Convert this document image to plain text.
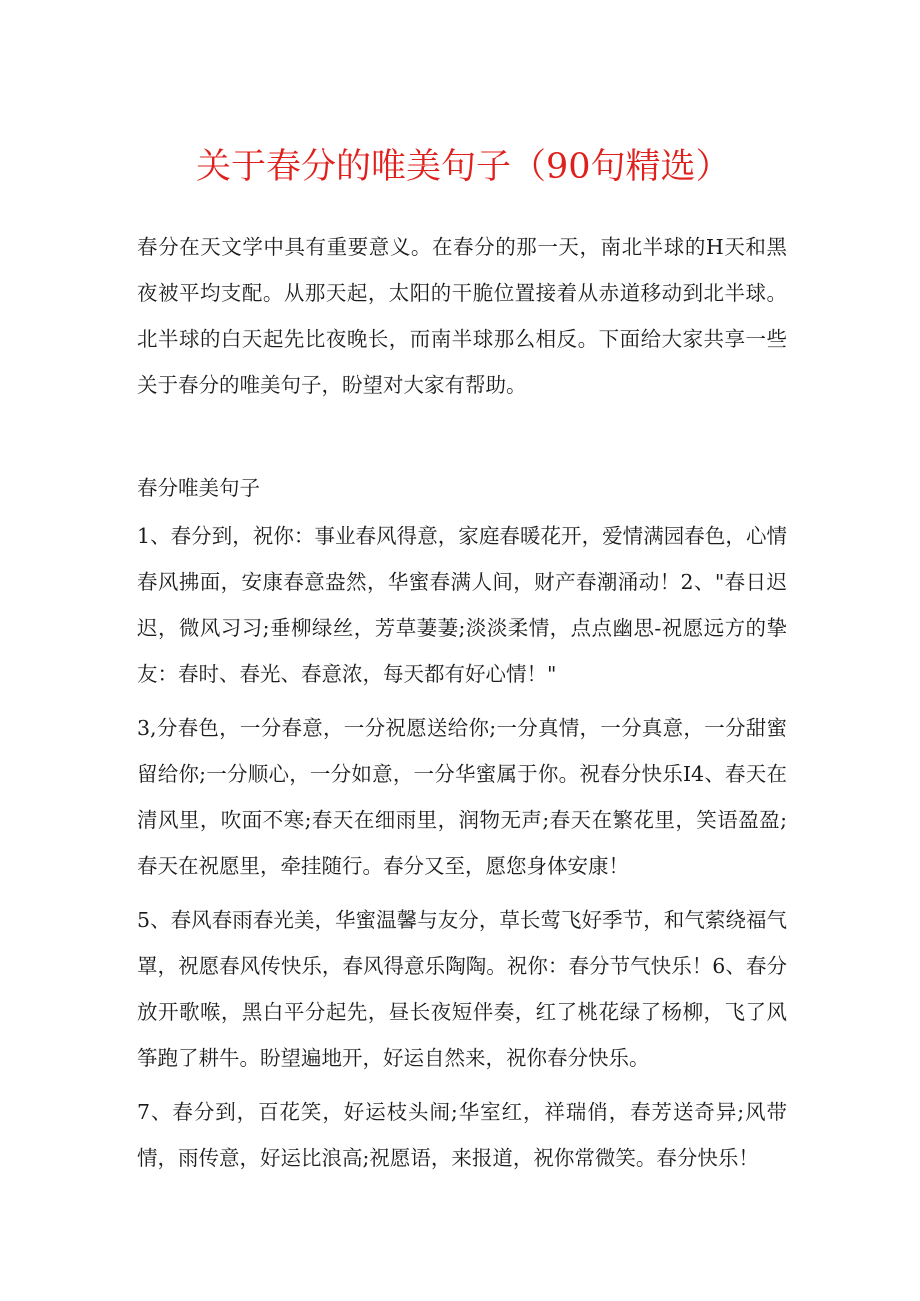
关于春分的唯美句子（90句精选）

春分在天文学中具有重要意义。在春分的那一天，南北半球的H天和黑夜被平均支配。从那天起，太阳的干脆位置接着从赤道移动到北半球。北半球的白天起先比夜晚长，而南半球那么相反。下面给大家共享一些关于春分的唯美句子，盼望对大家有帮助。

春分唯美句子

1、春分到，祝你：事业春风得意，家庭春暖花开，爱情满园春色，心情春风拂面，安康春意盎然，华蜜春满人间，财产春潮涌动！2、"春日迟迟，微风习习;垂柳绿丝，芳草萋萋;淡淡柔情，点点幽思-祝愿远方的挚友：春时、春光、春意浓，每天都有好心情！"

3,分春色，一分春意，一分祝愿送给你;一分真情，一分真意，一分甜蜜留给你;一分顺心，一分如意，一分华蜜属于你。祝春分快乐I4、春天在清风里，吹面不寒;春天在细雨里，润物无声;春天在繁花里，笑语盈盈;春天在祝愿里，牵挂随行。春分又至，愿您身体安康！

5、春风春雨春光美，华蜜温馨与友分，草长莺飞好季节，和气萦绕福气罩，祝愿春风传快乐，春风得意乐陶陶。祝你：春分节气快乐！6、春分放开歌喉，黑白平分起先，昼长夜短伴奏，红了桃花绿了杨柳，飞了风筝跑了耕牛。盼望遍地开，好运自然来，祝你春分快乐。

7、春分到，百花笑，好运枝头闹;华室红，祥瑞俏，春芳送奇异;风带情，雨传意，好运比浪高;祝愿语，来报道，祝你常微笑。春分快乐！
